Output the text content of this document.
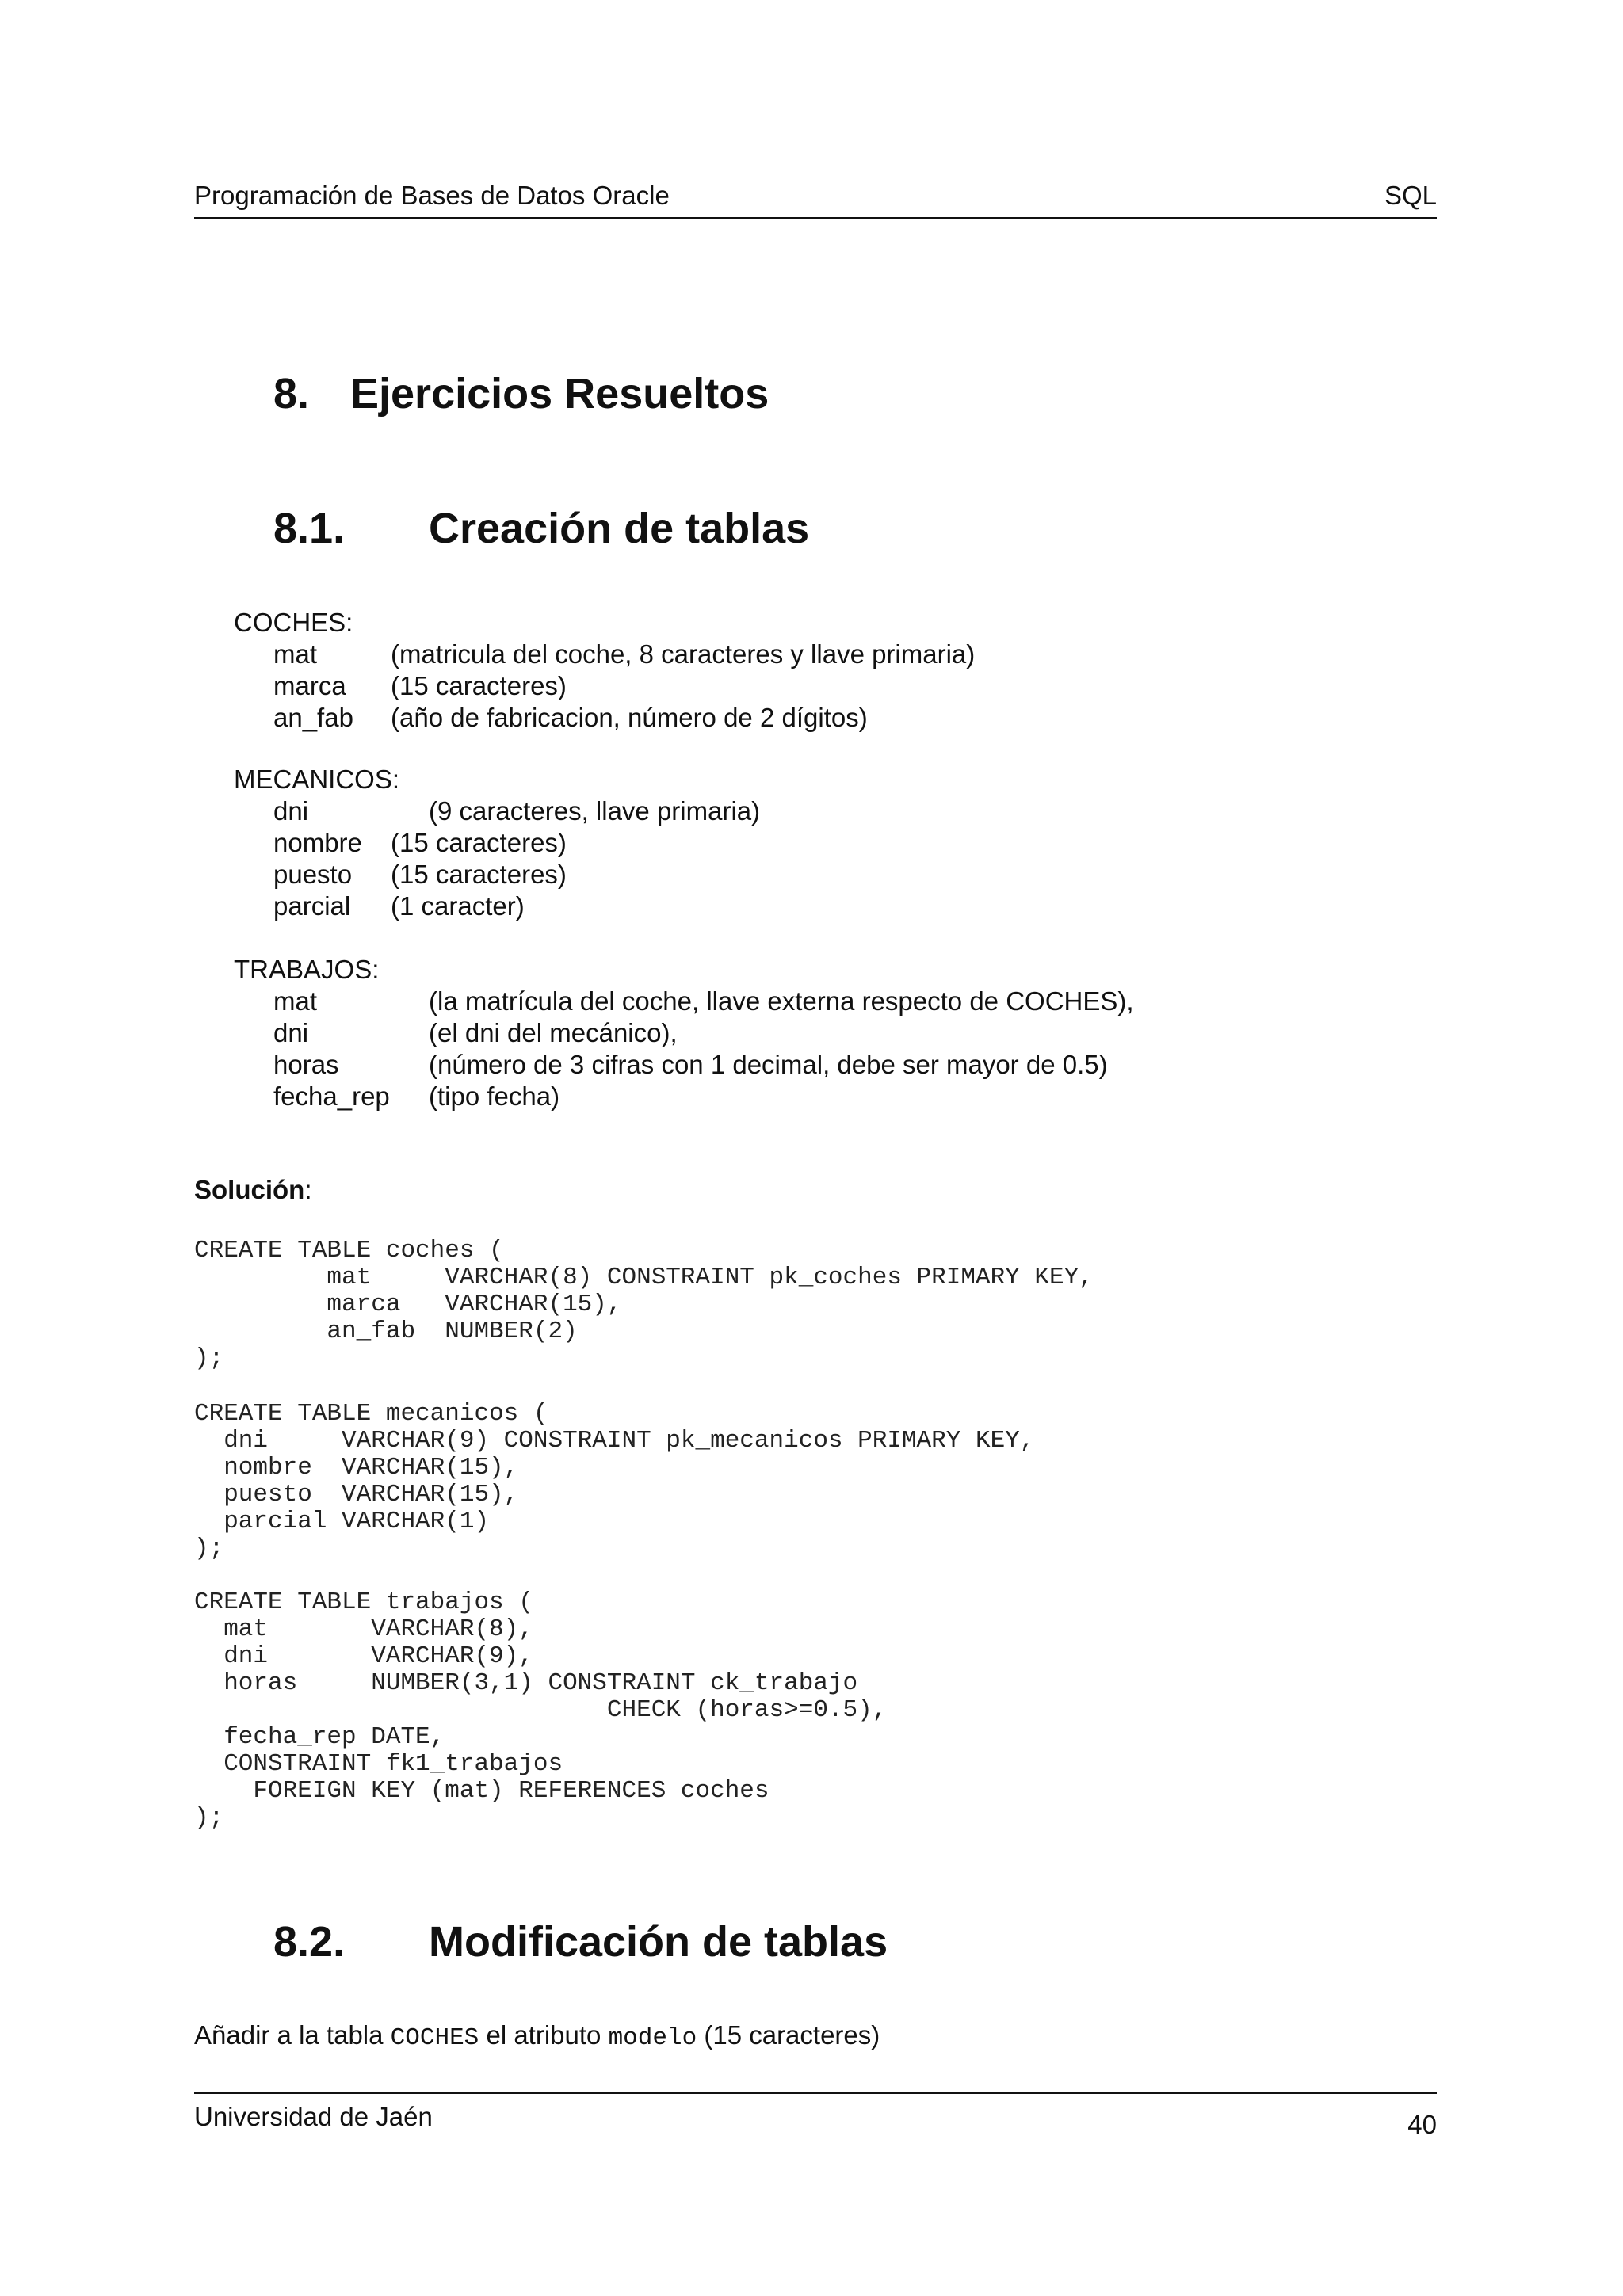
Programación de Bases de Datos Oracle	SQL
8. Ejercicios Resueltos
8.1. Creación de tablas
COCHES:
mat	(matricula del coche, 8 caracteres y llave primaria)
marca (15 caracteres)
an_fab (año de fabricacion, número de 2 dígitos)
MECANICOS:
dni	(9 caracteres, llave primaria)
nombre (15 caracteres)
puesto (15 caracteres)
parcial (1 caracter)
TRABAJOS:
mat	(la matrícula del coche, llave externa respecto de COCHES),
dni	(el dni del mecánico),
horas	(número de 3 cifras con 1 decimal, debe ser mayor de 0.5)
fecha_rep (tipo fecha)
Solución:
CREATE TABLE coches (
mat     VARCHAR(8) CONSTRAINT pk_coches PRIMARY KEY,
marca   VARCHAR(15),
an_fab  NUMBER(2)
);
CREATE TABLE mecanicos (
dni     VARCHAR(9) CONSTRAINT pk_mecanicos PRIMARY KEY,
nombre  VARCHAR(15),
puesto  VARCHAR(15),
parcial VARCHAR(1)
);
CREATE TABLE trabajos (
mat       VARCHAR(8),
dni       VARCHAR(9),
horas     NUMBER(3,1) CONSTRAINT ck_trabajo
CHECK (horas>=0.5),
fecha_rep DATE,
CONSTRAINT fk1_trabajos
FOREIGN KEY (mat) REFERENCES coches
);
8.2. Modificación de tablas
Añadir a la tabla COCHES el atributo modelo (15 caracteres)
Universidad de Jaén	40
